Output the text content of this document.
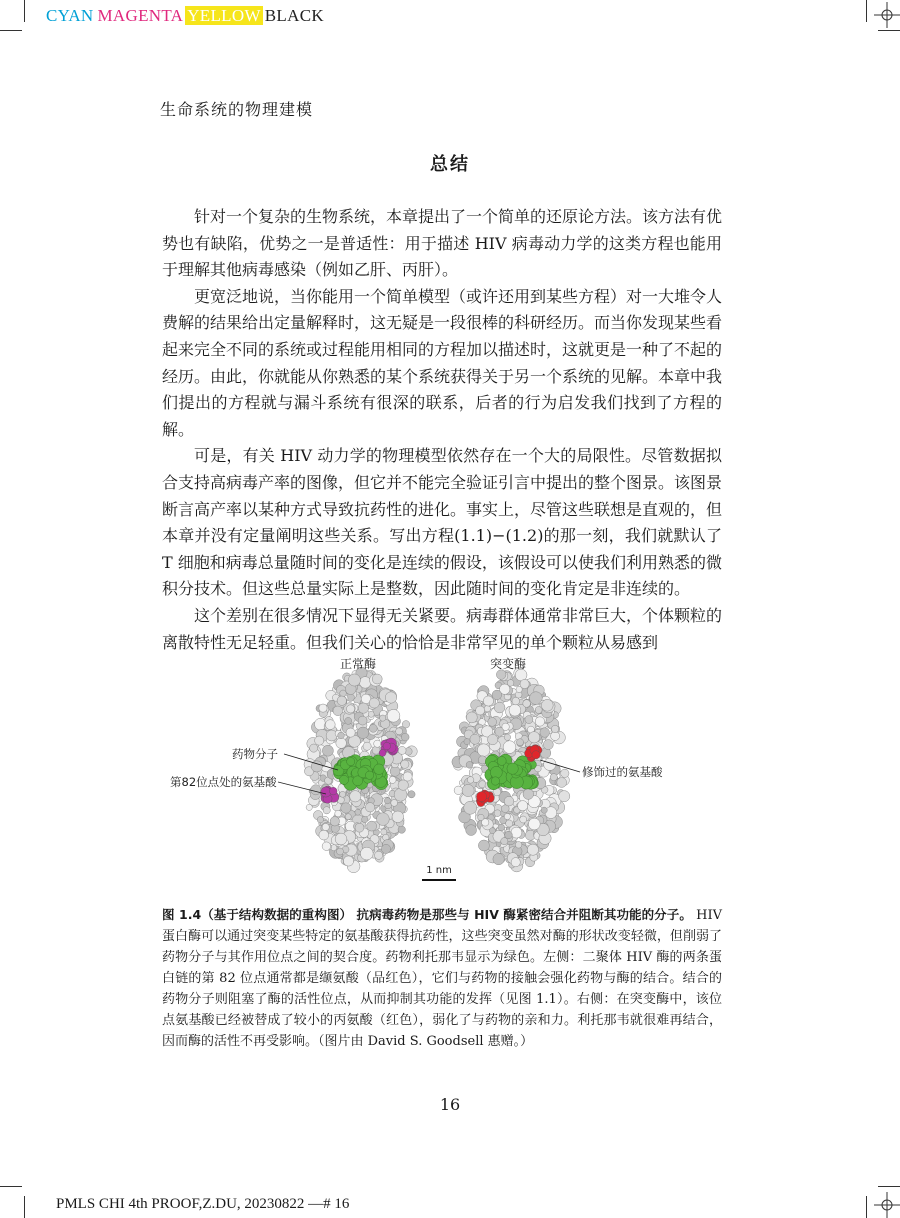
CYAN MAGENTA YELLOW BLACK
生命系统的物理建模
总结

针对一个复杂的生物系统，本章提出了一个简单的还原论方法。该方法有优势也有缺陷，优势之一是普适性：用于描述 HIV 病毒动力学的这类方程也能用于理解其他病毒感染（例如乙肝、丙肝）。

更宽泛地说，当你能用一个简单模型（或许还用到某些方程）对一大堆令人费解的结果给出定量解释时，这无疑是一段很棒的科研经历。而当你发现某些看起来完全不同的系统或过程能用相同的方程加以描述时，这就更是一种了不起的经历。由此，你就能从你熟悉的某个系统获得关于另一个系统的见解。本章中我们提出的方程就与漏斗系统有很深的联系，后者的行为启发我们找到了方程的解。

可是，有关 HIV 动力学的物理模型依然存在一个大的局限性。尽管数据拟合支持高病毒产率的图像，但它并不能完全验证引言中提出的整个图景。该图景断言高产率以某种方式导致抗药性的进化。事实上，尽管这些联想是直观的，但本章并没有定量阐明这些关系。写出方程(1.1)−(1.2)的那一刻，我们就默认了 T 细胞和病毒总量随时间的变化是连续的假设，该假设可以使我们利用熟悉的微积分技术。但这些总量实际上是整数，因此随时间的变化肯定是非连续的。

这个差别在很多情况下显得无关紧要。病毒群体通常非常巨大，个体颗粒的离散特性无足轻重。但我们关心的恰恰是非常罕见的单个颗粒从易感到

正常酶	突变酶
药物分子
第82位点处的氨基酸
修饰过的氨基酸
1 nm
图 1.4（基于结构数据的重构图） 抗病毒药物是那些与 HIV 酶紧密结合并阻断其功能的分子。 HIV 蛋白酶可以通过突变某些特定的氨基酸获得抗药性，这些突变虽然对酶的形状改变轻微，但削弱了药物分子与其作用位点之间的契合度。药物利托那韦显示为绿色。左侧：二聚体 HIV 酶的两条蛋白链的第 82 位点通常都是缬氨酸（品红色），它们与药物的接触会强化药物与酶的结合。结合的药物分子则阻塞了酶的活性位点，从而抑制其功能的发挥（见图 1.1）。右侧：在突变酶中，该位点氨基酸已经被替成了较小的丙氨酸（红色），弱化了与药物的亲和力。利托那韦就很难再结合，因而酶的活性不再受影响。（图片由 David S. Goodsell 惠赠。）
16
PMLS CHI 4th PROOF,Z.DU, 20230822 —# 16
